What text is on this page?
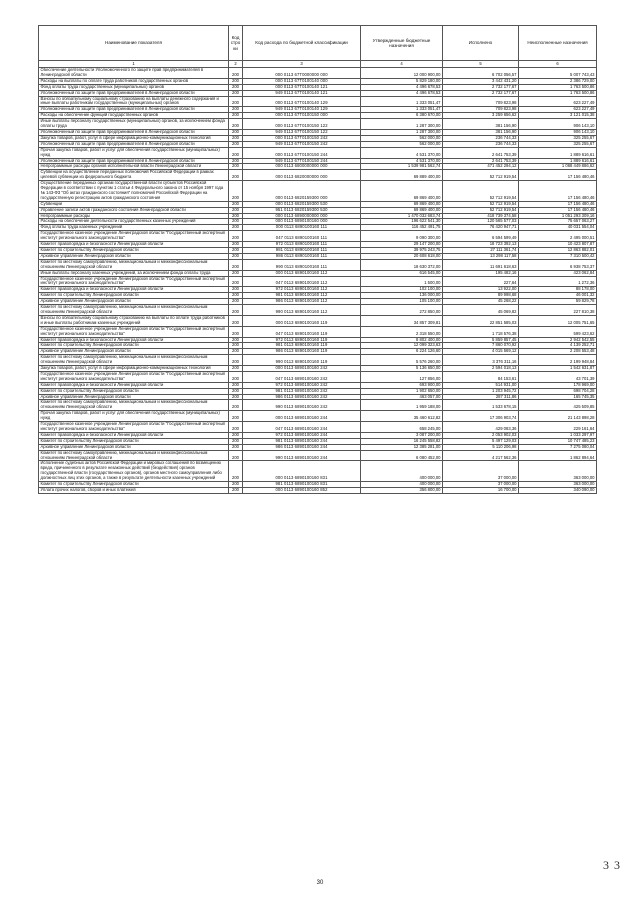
Наименование показателя	Код стро ки	Код расхода по бюджетной классификации	Утвержденные бюджетные назначения	Исполнено	Неисполненные назначения
1	2	3	4	5	6
Обеспечение деятельности Уполномоченного по защите прав предпринимателей в Ленинградской области	200	000 0113 67T0000000 000	12 000 900,00	6 702 056,57	5 007 743,43
Расходы на выплаты по оплате труда работников государственных органов	200	000 0113 67T0100140 000	5 829 180,00	3 442 431,20	2 386 729,00
Фонд оплаты труда государственных (муниципальных) органов	200	000 0113 67T0100140 121	4 496 678,53	2 732 177,67	1 763 500,86
Уполномоченный по защите прав предпринимателей в Ленинградской области	200	949 0113 67T0100140 121	4 496 678,53	2 732 177,67	1 763 500,86
Взносы по обязательному социальному страхованию на выплаты денежного содержания и иные выплаты работникам государственных (муниципальных) органов	200	000 0113 67T0100140 129	1 333 051,47	709 823,98	623 227,49
Уполномоченный по защите прав предпринимателей в Ленинградской области	200	949 0113 67T0100140 129	1 333 051,47	709 823,98	623 227,49
Расходы на обеспечение функций государственных органов	200	000 0113 67T0100150 000	6 380 670,00	3 259 656,62	3 121 015,38
Иные выплаты персоналу государственных (муниципальных) органов, за исключением фонда оплаты труда	200	000 0113 67T0100150 122	1 287 300,00	381 156,90	906 143,10
Уполномоченный по защите прав предпринимателей в Ленинградской области	200	949 0113 67T0100150 122	1 287 300,00	381 156,90	906 143,10
Закупка товаров, работ, услуг в сфере информационно-коммуникационных технологий	200	000 0113 67T0100150 242	562 000,00	236 744,33	325 255,67
Уполномоченный по защите прав предпринимателей в Ленинградской области	200	949 0113 67T0100150 242	562 000,00	236 744,33	325 255,67
Прочая закупка товаров, работ и услуг для обеспечения государственных (муниципальных) нужд	200	000 0113 67T0100150 244	4 531 370,00	2 641 753,39	1 889 616,61
Уполномоченный по защите прав предпринимателей в Ленинградской области	200	949 0113 67T0100150 244	4 531 370,00	2 641 753,39	1 889 616,61
Непрограммные расходы органов исполнительной власти Ленинградской области	200	000 0113 6800000000 000	1 539 981 562,74	471 452 294,12	1 068 449 886,62
Субвенции на осуществление переданных полномочий Российской Федерации в рамках целевой субвенции из федерального бюджета	200	000 0113 6820000000 000	69 889 400,00	52 712 919,54	17 156 480,46
Осуществление переданных органам государственной власти субъектов Российской Федерации в соответствии с пунктом 1 статьи 4 Федерального закона от 15 ноября 1997 года № 143-ФЗ "Об актах гражданского состояния" полномочий Российской Федерации на государственную регистрацию актов гражданского состояния	200	000 0113 6820159300 000	69 869 400,00	52 712 919,54	17 156 480,46
Субвенции	200	000 0113 6820159300 530	69 869 400,00	52 712 919,54	17 156 480,46
Управление записи актов гражданского состояния Ленинградской области	200	951 0113 6820159300 530	69 869 400,00	52 712 919,54	17 156 480,46
Непрограммные расходы	200	000 0113 6890000000 000	1 470 032 683,74	418 739 374,58	1 051 293 309,16
Расходы на обеспечение деятельности государственных казенных учреждений	200	000 0113 6890100160 000	196 622 541,30	120 565 577,03	75 657 063,27
Фонд оплаты труда казенных учреждений	200	000 0113 6890100160 111	116 452 491,75	76 420 947,71	40 031 554,04
Государственное казенное учреждение Ленинградской области "Государственный экспертный институт регионального законодательства"	200	047 0113 6890100160 111	9 090 300,00	6 594 599,49	2 495 000,51
Комитет правопорядка и безопасности Ленинградской области	200	972 0113 6890100160 111	29 147 200,00	18 723 392,13	10 423 807,87
Комитет по строительству Ленинградской области	200	981 0113 6890100160 111	39 975 243,75	27 111 361,74	12 863 882,01
Архивное управление Ленинградской области	200	986 0113 6890100160 111	20 608 618,00	13 298 117,58	7 310 500,42
Комитет по местному самоуправлению, межнациональным и межконфессиональным отношениям Ленинградской области	200	990 0113 6890100160 111	18 630 372,00	11 691 618,63	6 938 753,37
Иные выплаты персоналу казенных учреждений, за исключением фонда оплаты труда	200	000 0113 6890100160 112	616 545,00	195 482,16	423 062,84
Государственное казенное учреждение Ленинградской области "Государственный экспертный институт регионального законодательства"	200	047 0113 6890100160 112	1 500,00	227,64	1 272,36
Комитет правопорядка и безопасности Ленинградской области	200	972 0113 6890100160 112	102 100,00	13 922,00	88 178,00
Комитет по строительству Ленинградской области	200	981 0113 6890100160 112	136 000,00	89 998,68	46 001,32
Архивное управление Ленинградской области	200	986 0113 6890100160 112	105 100,00	45 268,22	59 829,78
Комитет по местному самоуправлению, межнациональным и межконфессиональным отношениям Ленинградской области	200	990 0113 6890100160 112	272 850,00	45 069,82	227 810,38
Взносы по обязательному социальному страхованию на выплаты по оплате труда работников и иные выплаты работникам казенных учреждений	200	000 0113 6890100160 119	34 857 309,81	22 851 585,03	12 005 751,65
Государственное казенное учреждение Ленинградской области "Государственный экспертный институт регионального законодательства"	200	047 0113 6890100160 119	2 318 550,00	1 718 576,38	599 423,62
Комитет правопорядка и безопасности Ленинградской области	200	972 0113 6890100160 119	8 802 400,00	5 859 857,45	2 942 542,55
Комитет по строительству Ленинградской области	200	981 0113 6890100160 119	12 099 323,63	7 860 070,92	4 139 252,71
Архивное управление Ленинградской области	200	986 0113 6890100160 119	6 224 126,60	4 015 569,12	2 208 553,48
Комитет по местному самоуправлению, межнациональным и межконфессиональным отношениям Ленинградской области	200	990 0113 6890100160 119	5 576 260,00	3 376 311,16	2 199 948,84
Закупка товаров, работ, услуг в сфере информационно-коммуникационных технологий	200	000 0113 6890100160 242	5 136 650,00	2 594 018,13	1 542 631,87
Государственное казенное учреждение Ленинградской области "Государственный экспертный институт регионального законодательства"	200	047 0113 6890100160 242	127 856,00	84 153,61	43 701,39
Комитет правопорядка и безопасности Ленинградской области	200	972 0113 6890100160 242	693 900,00	514 931,00	178 969,00
Комитет по строительству Ленинградской области	200	981 0113 6890100160 242	1 902 650,00	1 203 945,72	698 704,28
Архивное управление Ленинградской области	200	986 0113 6890100160 242	463 057,00	287 311,86	165 745,35
Комитет по местному самоуправлению, межнациональным и межконфессиональным отношениям Ленинградской области	200	990 0113 6890100160 242	1 959 188,00	1 533 678,15	425 509,85
Прочая закупка товаров, работ и услуг для обеспечения государственных (муниципальных) нужд	200	000 0113 6890100160 244	35 460 612,82	17 306 903,74	21 143 898,28
Государственное казенное учреждение Ленинградской области "Государственный экспертный институт регионального законодательства"	200	047 0113 6890100160 244	658 245,00	429 083,36	229 161,64
Комитет правопорядка и безопасности Ленинградской области	200	972 0113 6890100160 244	3 087 200,00	2 053 902,03	1 033 297,97
Комитет по строительству Ленинградской области	200	981 0113 6890100160 244	16 245 558,82	5 497 129,03	10 747 485,23
Архивное управление Ленинградской области	200	986 0113 6890100160 244	12 385 281,00	5 110 206,98	7 275 080,04
Комитет по местному самоуправлению, межнациональным и межконфессиональным отношениям Ленинградской области	200	990 0113 6890100160 244	6 080 452,00	4 217 562,36	1 862 894,64
Исполнение судебных актов Российской Федерации и мировых соглашений по возмещению вреда, причиненного в результате незаконных действий (бездействия) органов государственной власти (государственных органов), органов местного самоуправления либо должностных лиц этих органов, а также в результате деятельности казенных учреждений	200	000 0113 6890100160 831	400 000,00	37 000,00	363 000,00
Комитет по строительству Ленинградской области	200	981 0113 6890100160 831	400 000,00	37 000,00	363 000,00
Уплата прочих налогов, сборов и иных платежей	200	000 0113 6890100160 852	356 800,00	16 700,00	340 090,00
30
3 3
